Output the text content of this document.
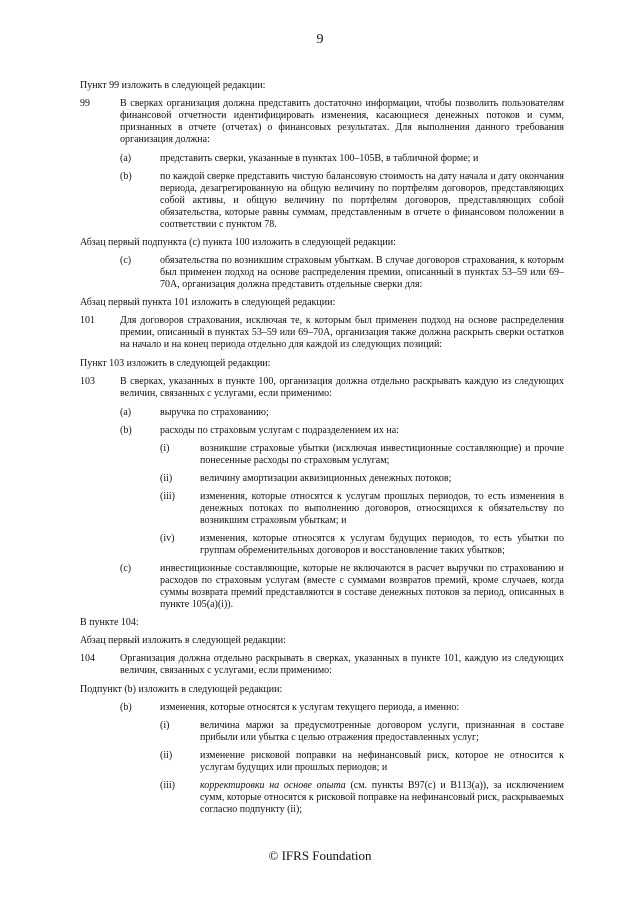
9
Пункт 99 изложить в следующей редакции:
99	В сверках организация должна представить достаточно информации, чтобы позволить пользователям финансовой отчетности идентифицировать изменения, касающиеся денежных потоков и сумм, признанных в отчете (отчетах) о финансовых результатах. Для выполнения данного требования организация должна:
(a)	представить сверки, указанные в пунктах 100–105B, в табличной форме; и
(b)	по каждой сверке представить чистую балансовую стоимость на дату начала и дату окончания периода, дезагрегированную на общую величину по портфелям договоров, представляющих собой активы, и общую величину по портфелям договоров, представляющих собой обязательства, которые равны суммам, представленным в отчете о финансовом положении в соответствии с пунктом 78.
Абзац первый подпункта (c) пункта 100 изложить в следующей редакции:
(c)	обязательства по возникшим страховым убыткам. В случае договоров страхования, к которым был применен подход на основе распределения премии, описанный в пунктах 53–59 или 69–70A, организация должна представить отдельные сверки для:
Абзац первый пункта 101 изложить в следующей редакции:
101	Для договоров страхования, исключая те, к которым был применен подход на основе распределения премии, описанный в пунктах 53–59 или 69–70A, организация также должна раскрыть сверки остатков на начало и на конец периода отдельно для каждой из следующих позиций:
Пункт 103 изложить в следующей редакции:
103	В сверках, указанных в пункте 100, организация должна отдельно раскрывать каждую из следующих величин, связанных с услугами, если применимо:
(a)	выручка по страхованию;
(b)	расходы по страховым услугам с подразделением их на:
(i)	возникшие страховые убытки (исключая инвестиционные составляющие) и прочие понесенные расходы по страховым услугам;
(ii)	величину амортизации аквизиционных денежных потоков;
(iii)	изменения, которые относятся к услугам прошлых периодов, то есть изменения в денежных потоках по выполнению договоров, относящихся к обязательству по возникшим страховым убыткам; и
(iv)	изменения, которые относятся к услугам будущих периодов, то есть убытки по группам обременительных договоров и восстановление таких убытков;
(c)	инвестиционные составляющие, которые не включаются в расчет выручки по страхованию и расходов по страховым услугам (вместе с суммами возвратов премий, кроме случаев, когда суммы возврата премий представляются в составе денежных потоков за период, описанных в пункте 105(a)(i)).
В пункте 104:
Абзац первый изложить в следующей редакции:
104	Организация должна отдельно раскрывать в сверках, указанных в пункте 101, каждую из следующих величин, связанных с услугами, если применимо:
Подпункт (b) изложить в следующей редакции:
(b)	изменения, которые относятся к услугам текущего периода, а именно:
(i)	величина маржи за предусмотренные договором услуги, признанная в составе прибыли или убытка с целью отражения предоставленных услуг;
(ii)	изменение рисковой поправки на нефинансовый риск, которое не относится к услугам будущих или прошлых периодов; и
(iii)	корректировки на основе опыта (см. пункты B97(c) и B113(a)), за исключением сумм, которые относятся к рисковой поправке на нефинансовый риск, раскрываемых согласно подпункту (ii);
© IFRS Foundation
